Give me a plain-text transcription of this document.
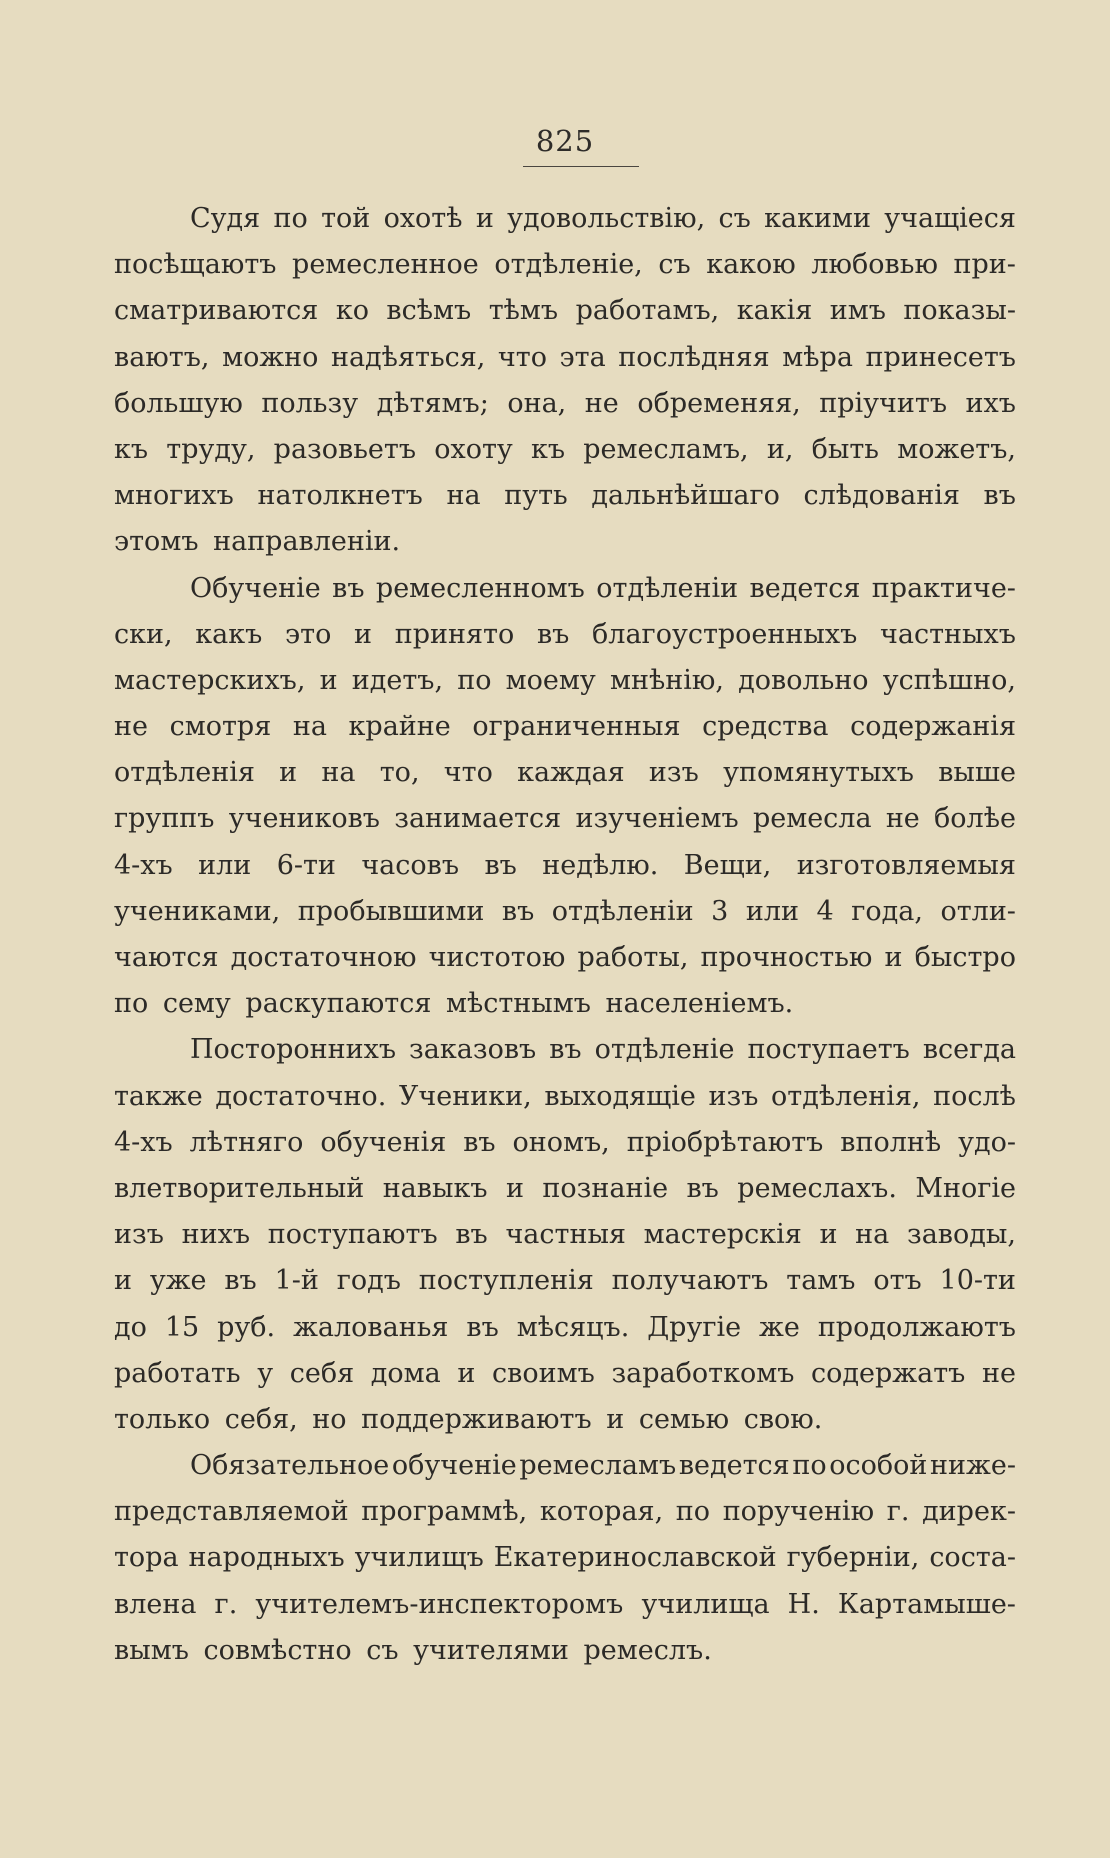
825
Судя по той охотѣ и удовольствію, съ какими учащіеся
посѣщаютъ ремесленное отдѣленіе, съ какою любовью при-
сматриваются ко всѣмъ тѣмъ работамъ, какія имъ показы-
ваютъ, можно надѣяться, что эта послѣдняя мѣра принесетъ
большую пользу дѣтямъ; она, не обременяя, пріучитъ ихъ
къ труду, разовьетъ охоту къ ремесламъ, и, быть можетъ,
многихъ натолкнетъ на путь дальнѣйшаго слѣдованія въ
этомъ направленіи.
Обученіе въ ремесленномъ отдѣленіи ведется практиче-
ски, какъ это и принято въ благоустроенныхъ частныхъ
мастерскихъ, и идетъ, по моему мнѣнію, довольно успѣшно,
не смотря на крайне ограниченныя средства содержанія
отдѣленія и на то, что каждая изъ упомянутыхъ выше
группъ учениковъ занимается изученіемъ ремесла не болѣе
4-хъ или 6-ти часовъ въ недѣлю. Вещи, изготовляемыя
учениками, пробывшими въ отдѣленіи 3 или 4 года, отли-
чаются достаточною чистотою работы, прочностью и быстро
по сему раскупаются мѣстнымъ населеніемъ.
Постороннихъ заказовъ въ отдѣленіе поступаетъ всегда
также достаточно. Ученики, выходящіе изъ отдѣленія, послѣ
4-хъ лѣтняго обученія въ ономъ, пріобрѣтаютъ вполнѣ удо-
влетворительный навыкъ и познаніе въ ремеслахъ. Многіе
изъ нихъ поступаютъ въ частныя мастерскія и на заводы,
и уже въ 1-й годъ поступленія получаютъ тамъ отъ 10-ти
до 15 руб. жалованья въ мѣсяцъ. Другіе же продолжаютъ
работать у себя дома и своимъ заработкомъ содержатъ не
только себя, но поддерживаютъ и семью свою.
Обязательное обученіе ремесламъ ведется по особой ниже-
представляемой программѣ, которая, по порученію г. дирек-
тора народныхъ училищъ Екатеринославской губерніи, соста-
влена г. учителемъ-инспекторомъ училища Н. Картамыше-
вымъ совмѣстно съ учителями ремеслъ.
